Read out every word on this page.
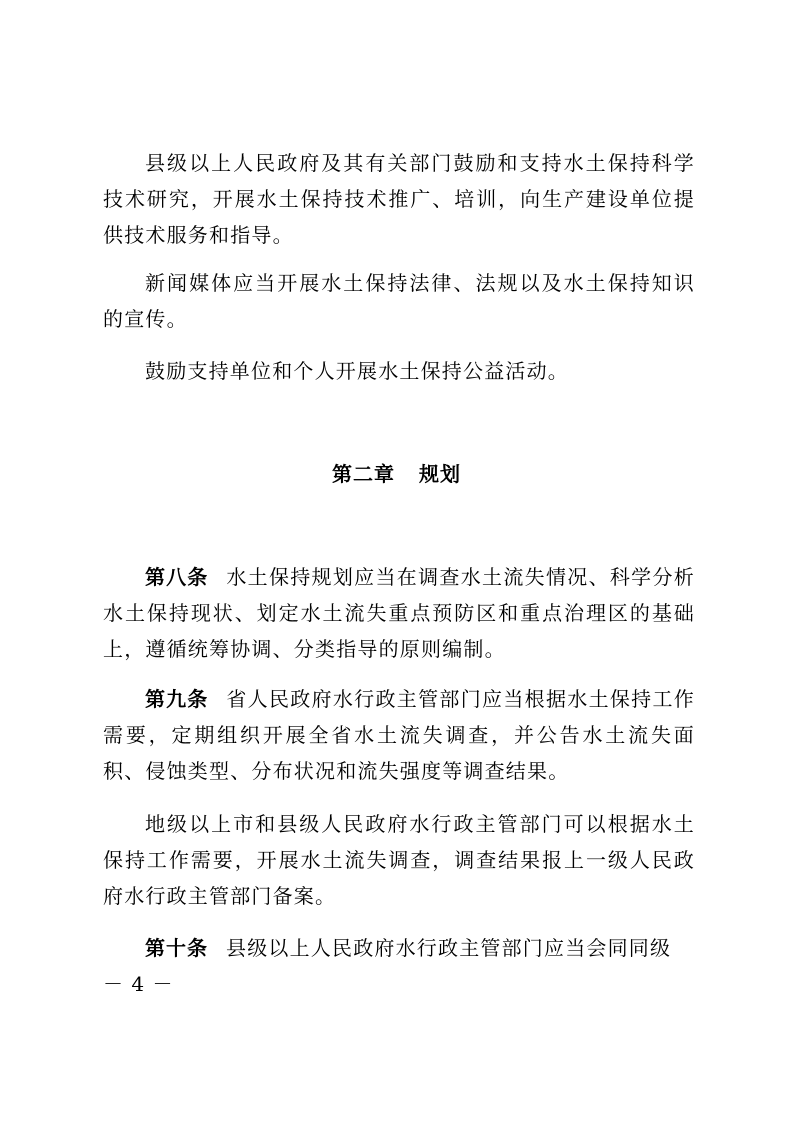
县级以上人民政府及其有关部门鼓励和支持水土保持科学技术研究，开展水土保持技术推广、培训，向生产建设单位提供技术服务和指导。

新闻媒体应当开展水土保持法律、法规以及水土保持知识的宣传。

鼓励支持单位和个人开展水土保持公益活动。

第二章 规划

第八条 水土保持规划应当在调查水土流失情况、科学分析水土保持现状、划定水土流失重点预防区和重点治理区的基础上，遵循统筹协调、分类指导的原则编制。

第九条 省人民政府水行政主管部门应当根据水土保持工作需要，定期组织开展全省水土流失调查，并公告水土流失面积、侵蚀类型、分布状况和流失强度等调查结果。

地级以上市和县级人民政府水行政主管部门可以根据水土保持工作需要，开展水土流失调查，调查结果报上一级人民政府水行政主管部门备案。

第十条 县级以上人民政府水行政主管部门应当会同同级

－ 4 －
